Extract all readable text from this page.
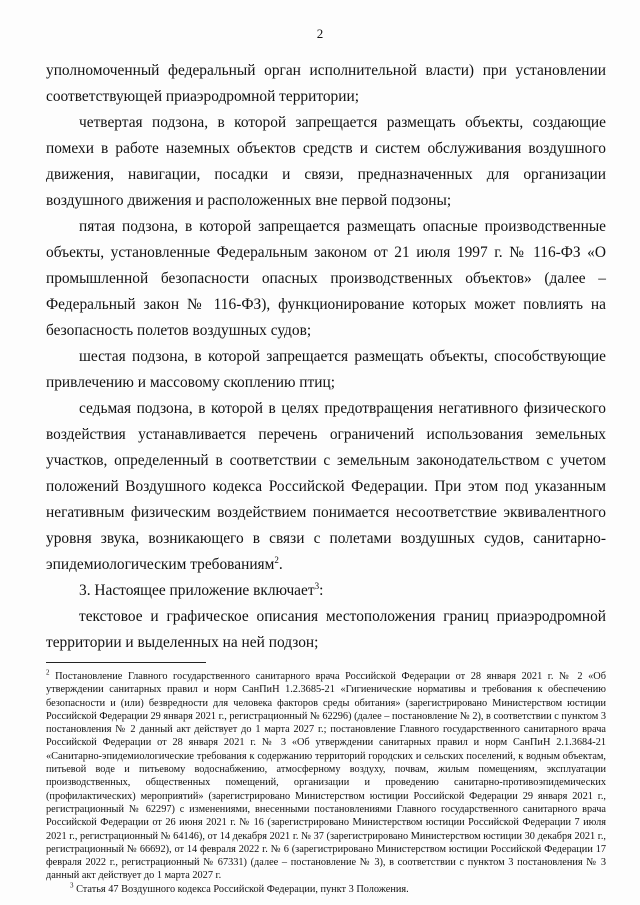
2

уполномоченный федеральный орган исполнительной власти) при установлении соответствующей приаэродромной территории;

четвертая подзона, в которой запрещается размещать объекты, создающие помехи в работе наземных объектов средств и систем обслуживания воздушного движения, навигации, посадки и связи, предназначенных для организации воздушного движения и расположенных вне первой подзоны;

пятая подзона, в которой запрещается размещать опасные производственные объекты, установленные Федеральным законом от 21 июля 1997 г. № 116-ФЗ «О промышленной безопасности опасных производственных объектов» (далее – Федеральный закон № 116-ФЗ), функционирование которых может повлиять на безопасность полетов воздушных судов;

шестая подзона, в которой запрещается размещать объекты, способствующие привлечению и массовому скоплению птиц;

седьмая подзона, в которой в целях предотвращения негативного физического воздействия устанавливается перечень ограничений использования земельных участков, определенный в соответствии с земельным законодательством с учетом положений Воздушного кодекса Российской Федерации. При этом под указанным негативным физическим воздействием понимается несоответствие эквивалентного уровня звука, возникающего в связи с полетами воздушных судов, санитарно-эпидемиологическим требованиям$^2$.

3. Настоящее приложение включает$^3$:

текстовое и графическое описания местоположения границ приаэродромной территории и выделенных на ней подзон;

$^2$ Постановление Главного государственного санитарного врача Российской Федерации от 28 января 2021 г. № 2 «Об утверждении санитарных правил и норм СанПиН 1.2.3685-21 «Гигиенические нормативы и требования к обеспечению безопасности и (или) безвредности для человека факторов среды обитания» (зарегистрировано Министерством юстиции Российской Федерации 29 января 2021 г., регистрационный № 62296) (далее – постановление № 2), в соответствии с пунктом 3 постановления № 2 данный акт действует до 1 марта 2027 г.; постановление Главного государственного санитарного врача Российской Федерации от 28 января 2021 г. № 3 «Об утверждении санитарных правил и норм СанПиН 2.1.3684-21 «Санитарно-эпидемиологические требования к содержанию территорий городских и сельских поселений, к водным объектам, питьевой воде и питьевому водоснабжению, атмосферному воздуху, почвам, жилым помещениям, эксплуатации производственных, общественных помещений, организации и проведению санитарно-противоэпидемических (профилактических) мероприятий» (зарегистрировано Министерством юстиции Российской Федерации 29 января 2021 г., регистрационный № 62297) с изменениями, внесенными постановлениями Главного государственного санитарного врача Российской Федерации от 26 июня 2021 г. № 16 (зарегистрировано Министерством юстиции Российской Федерации 7 июля 2021 г., регистрационный № 64146), от 14 декабря 2021 г. № 37 (зарегистрировано Министерством юстиции 30 декабря 2021 г., регистрационный № 66692), от 14 февраля 2022 г. № 6 (зарегистрировано Министерством юстиции Российской Федерации 17 февраля 2022 г., регистрационный № 67331) (далее – постановление № 3), в соответствии с пунктом 3 постановления № 3 данный акт действует до 1 марта 2027 г.

$^3$ Статья 47 Воздушного кодекса Российской Федерации, пункт 3 Положения.
